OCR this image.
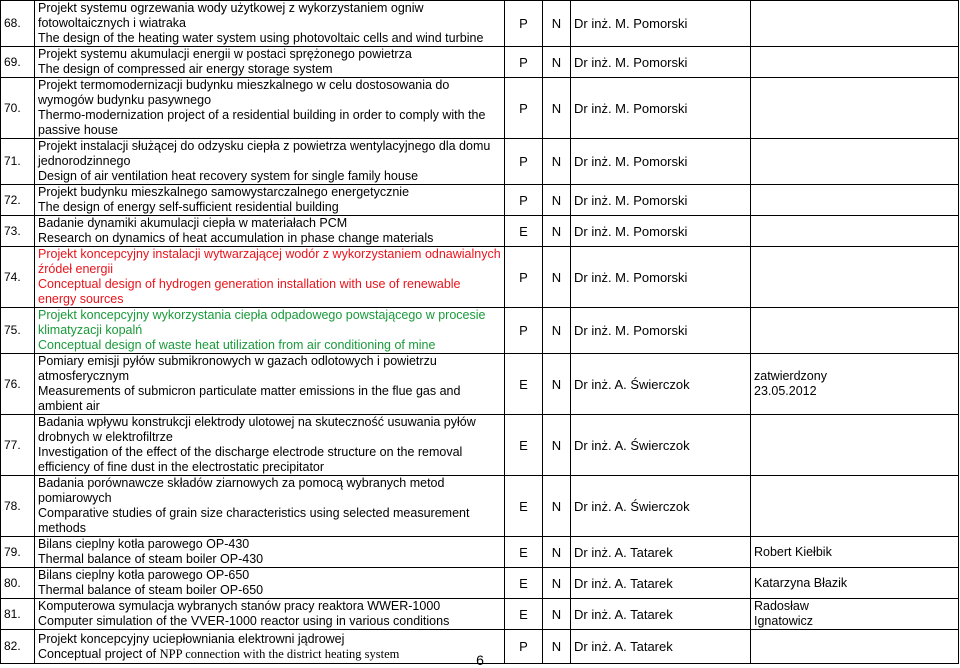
68.	Projekt systemu ogrzewania wody użytkowej z wykorzystaniem ogniw
fotowoltaicznych i wiatraka
The design of the heating water system using photovoltaic cells and wind turbine	P	N	Dr inż. M. Pomorski	
69.	Projekt systemu akumulacji energii w postaci sprężonego powietrza
The design of compressed air energy storage system	P	N	Dr inż. M. Pomorski	
70.	Projekt termomodernizacji budynku mieszkalnego w celu dostosowania do
wymogów budynku pasywnego
Thermo-modernization project of a residential building in order to comply with the
passive house	P	N	Dr inż. M. Pomorski	
71.	Projekt instalacji służącej do odzysku ciepła z powietrza wentylacyjnego dla domu
jednorodzinnego
Design of air ventilation heat recovery system for single family house	P	N	Dr inż. M. Pomorski	
72.	Projekt budynku mieszkalnego samowystarczalnego energetycznie
The design of energy self-sufficient residential building	P	N	Dr inż. M. Pomorski	
73.	Badanie dynamiki akumulacji ciepła w materiałach PCM
Research on dynamics of heat accumulation in phase change materials	E	N	Dr inż. M. Pomorski	
74.	Projekt koncepcyjny instalacji wytwarzającej wodór z wykorzystaniem odnawialnych
źródeł energii
Conceptual design of hydrogen generation installation with use of renewable
energy sources	P	N	Dr inż. M. Pomorski	
75.	Projekt koncepcyjny wykorzystania ciepła odpadowego powstającego w procesie
klimatyzacji kopalń
Conceptual design of waste heat utilization from air conditioning of mine	P	N	Dr inż. M. Pomorski	
76.	Pomiary emisji pyłów submikronowych w gazach odlotowych i powietrzu
atmosferycznym
Measurements of submicron particulate matter emissions in the flue gas and
ambient air	E	N	Dr inż. A. Świerczok	zatwierdzony
23.05.2012

77.	Badania wpływu konstrukcji elektrody ulotowej na skuteczność usuwania pyłów
drobnych w elektrofiltrze
Investigation of the effect of the discharge electrode structure on the removal
efficiency of fine dust in the electrostatic precipitator	E	N	Dr inż. A. Świerczok	
78.	Badania porównawcze składów ziarnowych za pomocą wybranych metod
pomiarowych
Comparative studies of grain size characteristics using selected measurement
methods	E	N	Dr inż. A. Świerczok	
79.	Bilans cieplny kotła parowego OP-430
Thermal balance of steam boiler OP-430	E	N	Dr inż. A. Tatarek	Robert Kiełbik

80.	Bilans cieplny kotła parowego OP-650
Thermal balance of steam boiler OP-650	E	N	Dr inż. A. Tatarek	Katarzyna Błazik

81.	Komputerowa symulacja wybranych stanów pracy reaktora WWER-1000
Computer simulation of the VVER-1000 reactor using in various conditions	E	N	Dr inż. A. Tatarek	Radosław
Ignatowicz

82.	Projekt koncepcyjny uciepłowniania elektrowni jądrowej
Conceptual project of NPP connection with the district heating system	P	N	Dr inż. A. Tatarek	
6
